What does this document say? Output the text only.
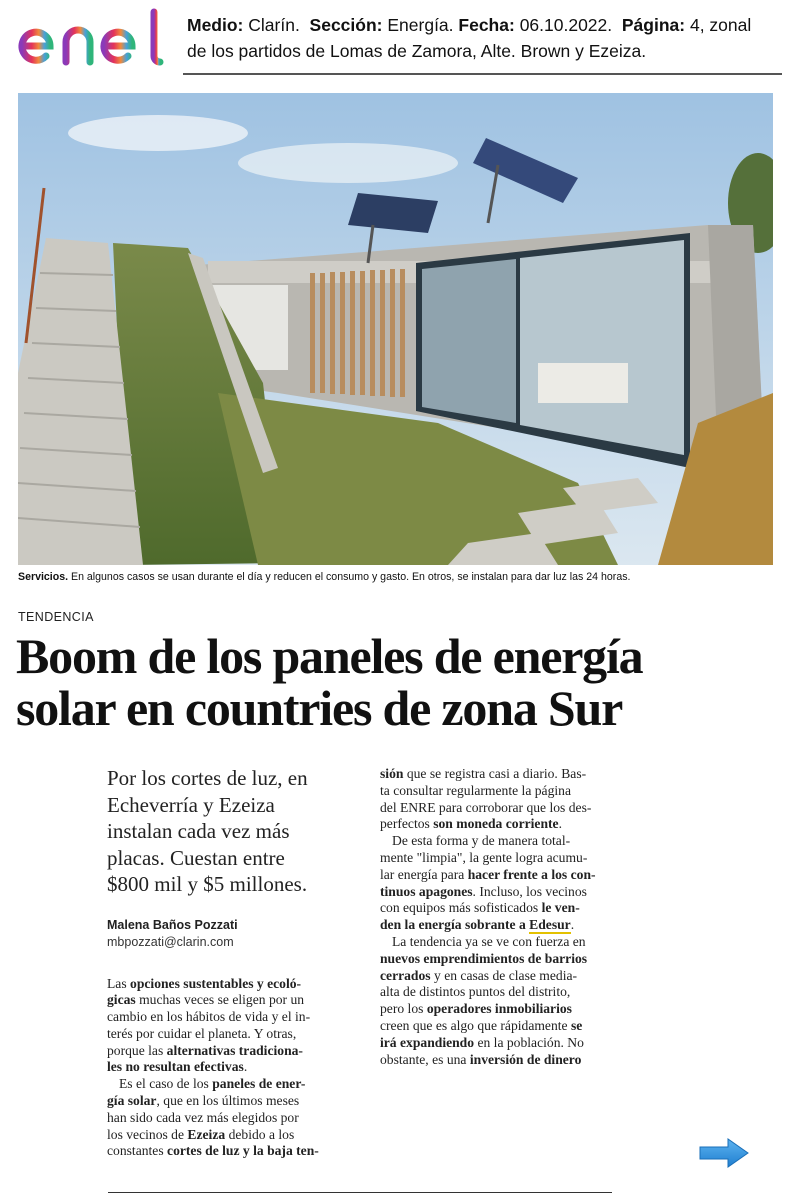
Medio: Clarín. Sección: Energía. Fecha: 06.10.2022. Página: 4, zonal
de los partidos de Lomas de Zamora, Alte. Brown y Ezeiza.
Servicios. En algunos casos se usan durante el día y reducen el consumo y gasto. En otros, se instalan para dar luz las 24 horas.
TENDENCIA
Boom de los paneles de energía
solar en countries de zona Sur
Por los cortes de luz, en
Echeverría y Ezeiza
instalan cada vez más
placas. Cuestan entre
$800 mil y $5 millones.
Malena Baños Pozzati
mbpozzati@clarin.com
Las opciones sustentables y ecoló-
gicas muchas veces se eligen por un
cambio en los hábitos de vida y el in-
terés por cuidar el planeta. Y otras,
porque las alternativas tradiciona-
les no resultan efectivas.
Es el caso de los paneles de ener-
gía solar, que en los últimos meses
han sido cada vez más elegidos por
los vecinos de Ezeiza debido a los
constantes cortes de luz y la baja ten-
sión que se registra casi a diario. Bas-
ta consultar regularmente la página
del ENRE para corroborar que los des-
perfectos son moneda corriente.
De esta forma y de manera total-
mente "limpia", la gente logra acumu-
lar energía para hacer frente a los con-
tinuos apagones. Incluso, los vecinos
con equipos más sofisticados le ven-
den la energía sobrante a Edesur.
La tendencia ya se ve con fuerza en
nuevos emprendimientos de barrios
cerrados y en casas de clase media-
alta de distintos puntos del distrito,
pero los operadores inmobiliarios
creen que es algo que rápidamente se
irá expandiendo en la población. No
obstante, es una inversión de dinero
